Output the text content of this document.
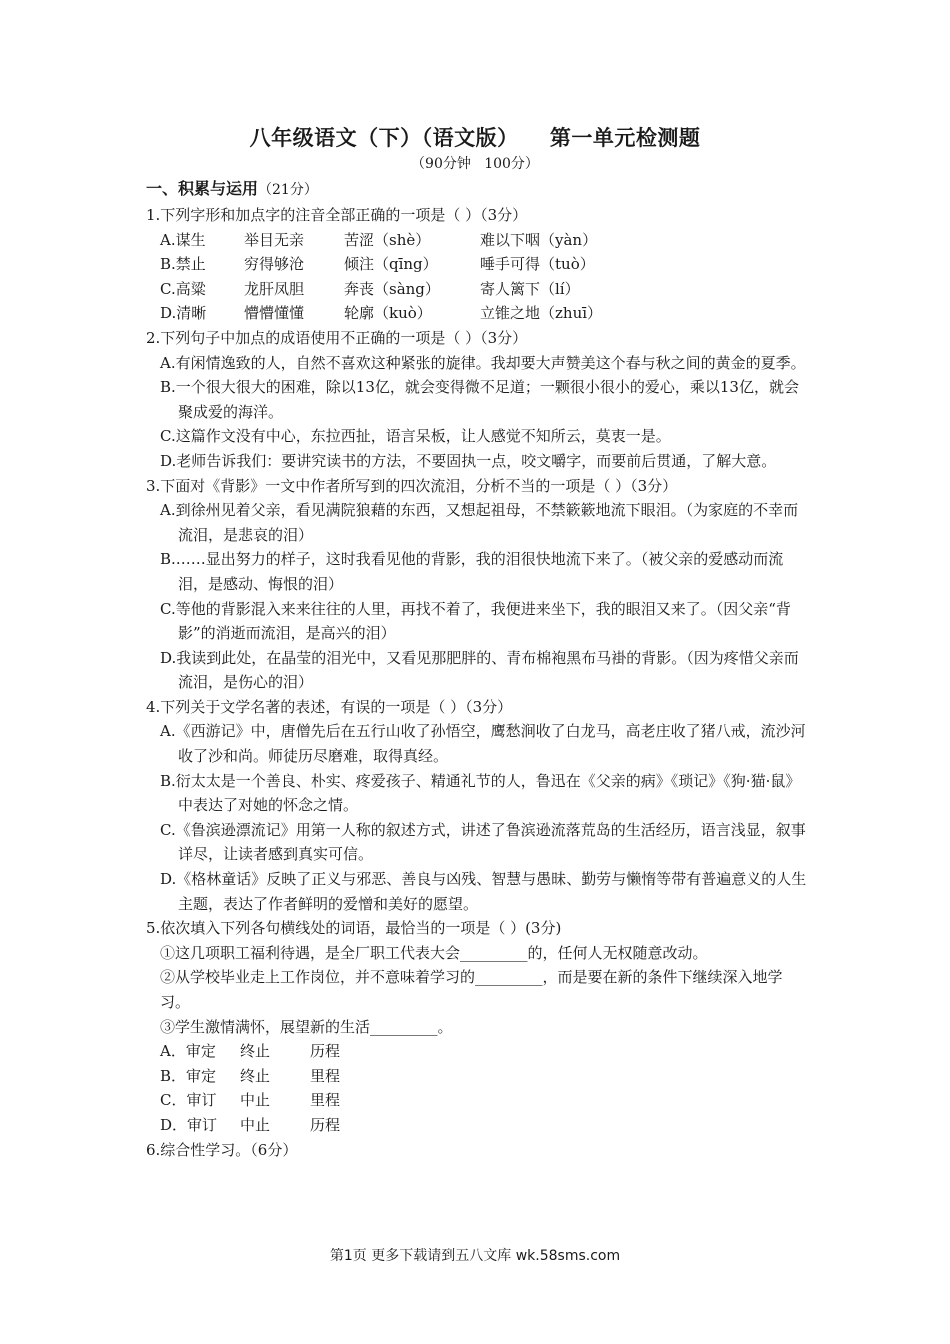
八年级语文（下）（语文版）    第一单元检测题
（90分钟   100分）
一、积累与运用（21分）

1.下列字形和加点字的注音全部正确的一项是（ ）（3分）

A.谋生	举目无亲	苦涩（shè）	难以下咽（yàn）
B.禁止	穷得够沧	倾注（qīng）	唾手可得（tuò）
C.高粱	龙肝凤胆	奔丧（sàng）	寄人篱下（lí）
D.清晰	懵懵懂懂	轮廓（kuò）	立锥之地（zhuī）

2.下列句子中加点的成语使用不正确的一项是（ ）（3分）

A.有闲情逸致的人，自然不喜欢这种紧张的旋律。我却要大声赞美这个春与秋之间的黄金的夏季。

B.一个很大很大的困难，除以13亿，就会变得微不足道；一颗很小很小的爱心，乘以13亿，就会聚成爱的海洋。

C.这篇作文没有中心，东拉西扯，语言呆板，让人感觉不知所云，莫衷一是。

D.老师告诉我们：要讲究读书的方法，不要固执一点，咬文嚼字，而要前后贯通，了解大意。

3.下面对《背影》一文中作者所写到的四次流泪，分析不当的一项是（ ）（3分）

A.到徐州见着父亲，看见满院狼藉的东西，又想起祖母，不禁簌簌地流下眼泪。（为家庭的不幸而流泪，是悲哀的泪）

B.……显出努力的样子，这时我看见他的背影，我的泪很快地流下来了。（被父亲的爱感动而流泪，是感动、悔恨的泪）

C.等他的背影混入来来往往的人里，再找不着了，我便进来坐下，我的眼泪又来了。（因父亲“背影”的消逝而流泪，是高兴的泪）

D.我读到此处，在晶莹的泪光中，又看见那肥胖的、青布棉袍黑布马褂的背影。（因为疼惜父亲而流泪，是伤心的泪）

4.下列关于文学名著的表述，有误的一项是（ ）（3分）

A.《西游记》中，唐僧先后在五行山收了孙悟空，鹰愁涧收了白龙马，高老庄收了猪八戒，流沙河收了沙和尚。师徒历尽磨难，取得真经。

B.衍太太是一个善良、朴实、疼爱孩子、精通礼节的人，鲁迅在《父亲的病》《琐记》《狗·猫·鼠》中表达了对她的怀念之情。

C.《鲁滨逊漂流记》用第一人称的叙述方式，讲述了鲁滨逊流落荒岛的生活经历，语言浅显，叙事详尽，让读者感到真实可信。

D.《格林童话》反映了正义与邪恶、善良与凶残、智慧与愚昧、勤劳与懒惰等带有普遍意义的人生主题，表达了作者鲜明的爱憎和美好的愿望。

5.依次填入下列各句横线处的词语，最恰当的一项是（ ）(3分)

①这几项职工福利待遇，是全厂职工代表大会_________的，任何人无权随意改动。

②从学校毕业走上工作岗位，并不意味着学习的_________，而是要在新的条件下继续深入地学习。

③学生激情满怀，展望新的生活_________。

A．审定	终止	历程
B．审定	终止	里程
C．审订	中止	里程
D．审订	中止	历程

6.综合性学习。（6分）

第1页 更多下载请到五八文库 wk.58sms.com
